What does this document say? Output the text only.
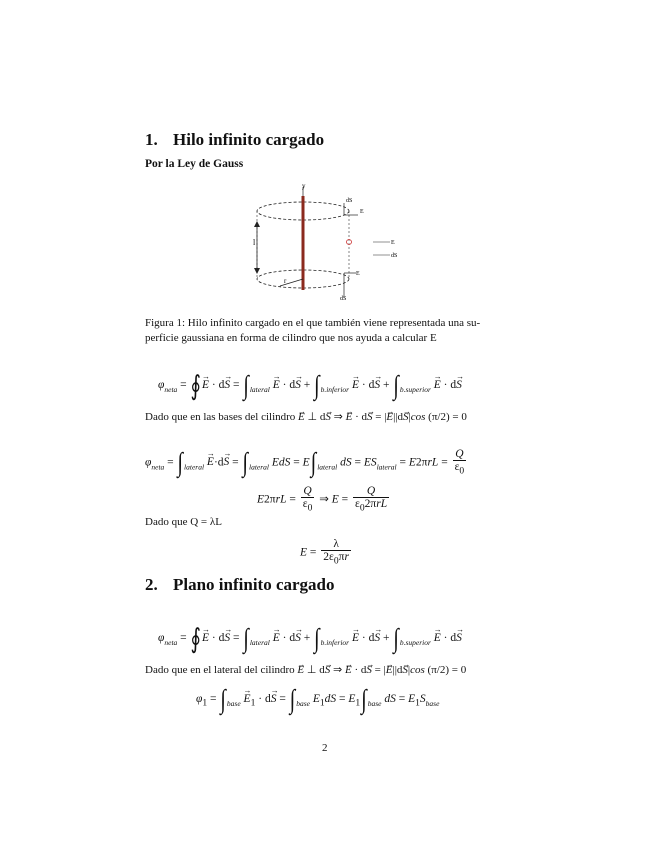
1. Hilo infinito cargado
Por la Ley de Gauss
y
l
r
dS
E
E
dS
E
dS
Figura 1: Hilo infinito cargado en el que también viene representada una su-
perficie gaussiana en forma de cilindro que nos ayuda a calcular E
$\varphi_{neta}$ = ∮→ $E \cdot d\to S = \int_{lateral} \to E \cdot d\to S + \int_{b.inferior} \to E \cdot d\to S + \int_{b.superior} \to E \cdot d\to S$
Dado que en las bases del cilindro → E ⊥ d→ S ⇒ → E · d→ S = |→ E||d→ S|cos (π/2) = 0
$\varphi_{neta} = \int_{lateral} \to E\cdot d\to S = \int_{lateral}$ EdS = $E\int_{lateral}$ dS = $ES_{lateral} = E2\pi rL = \frac{Q}{\varepsilon_0}$
$E2\pi rL = \frac{Q}{\varepsilon_0}$ ⇒ $E = \frac{Q}{\varepsilon_02\pi rL}$
Dado que Q = λL
$E = \frac{\lambda}{2\varepsilon_0\pi r}$
2. Plano infinito cargado
$\varphi_{neta}$ = ∮→ $E \cdot d\to S = \int_{lateral} \to E \cdot d\to S + \int_{b.inferior} \to E \cdot d\to S + \int_{b.superior} \to E \cdot d\to S$
Dado que en el lateral del cilindro → E ⊥ d→ S ⇒ → E · d→ S = |→ E||d→ S|cos (π/2) = 0
$\varphi_1 = \int_{base} \to E_1 \cdot d\to S = \int_{base}$ $E_1dS = E_1\int_{base}$ dS = $E_1S_{base}$
2
